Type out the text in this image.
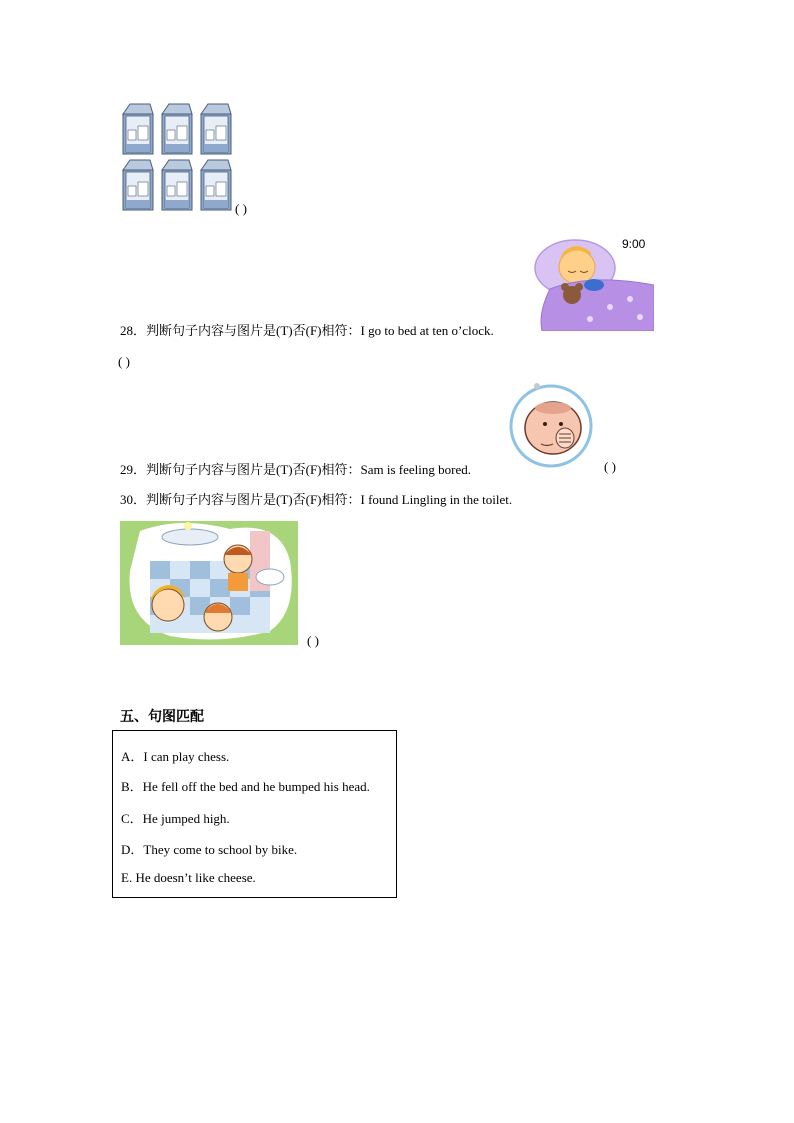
( )
9:00
28．判断句子内容与图片是(T)否(F)相符：I go to bed at ten o’clock.
( )
29．判断句子内容与图片是(T)否(F)相符：Sam is feeling bored.	( )
30．判断句子内容与图片是(T)否(F)相符：I found Lingling in the toilet.
( )
五、句图匹配
A．I can play chess.
B．He fell off the bed and he bumped his head.
C．He jumped high.
D．They come to school by bike.
E. He doesn’t like cheese.
